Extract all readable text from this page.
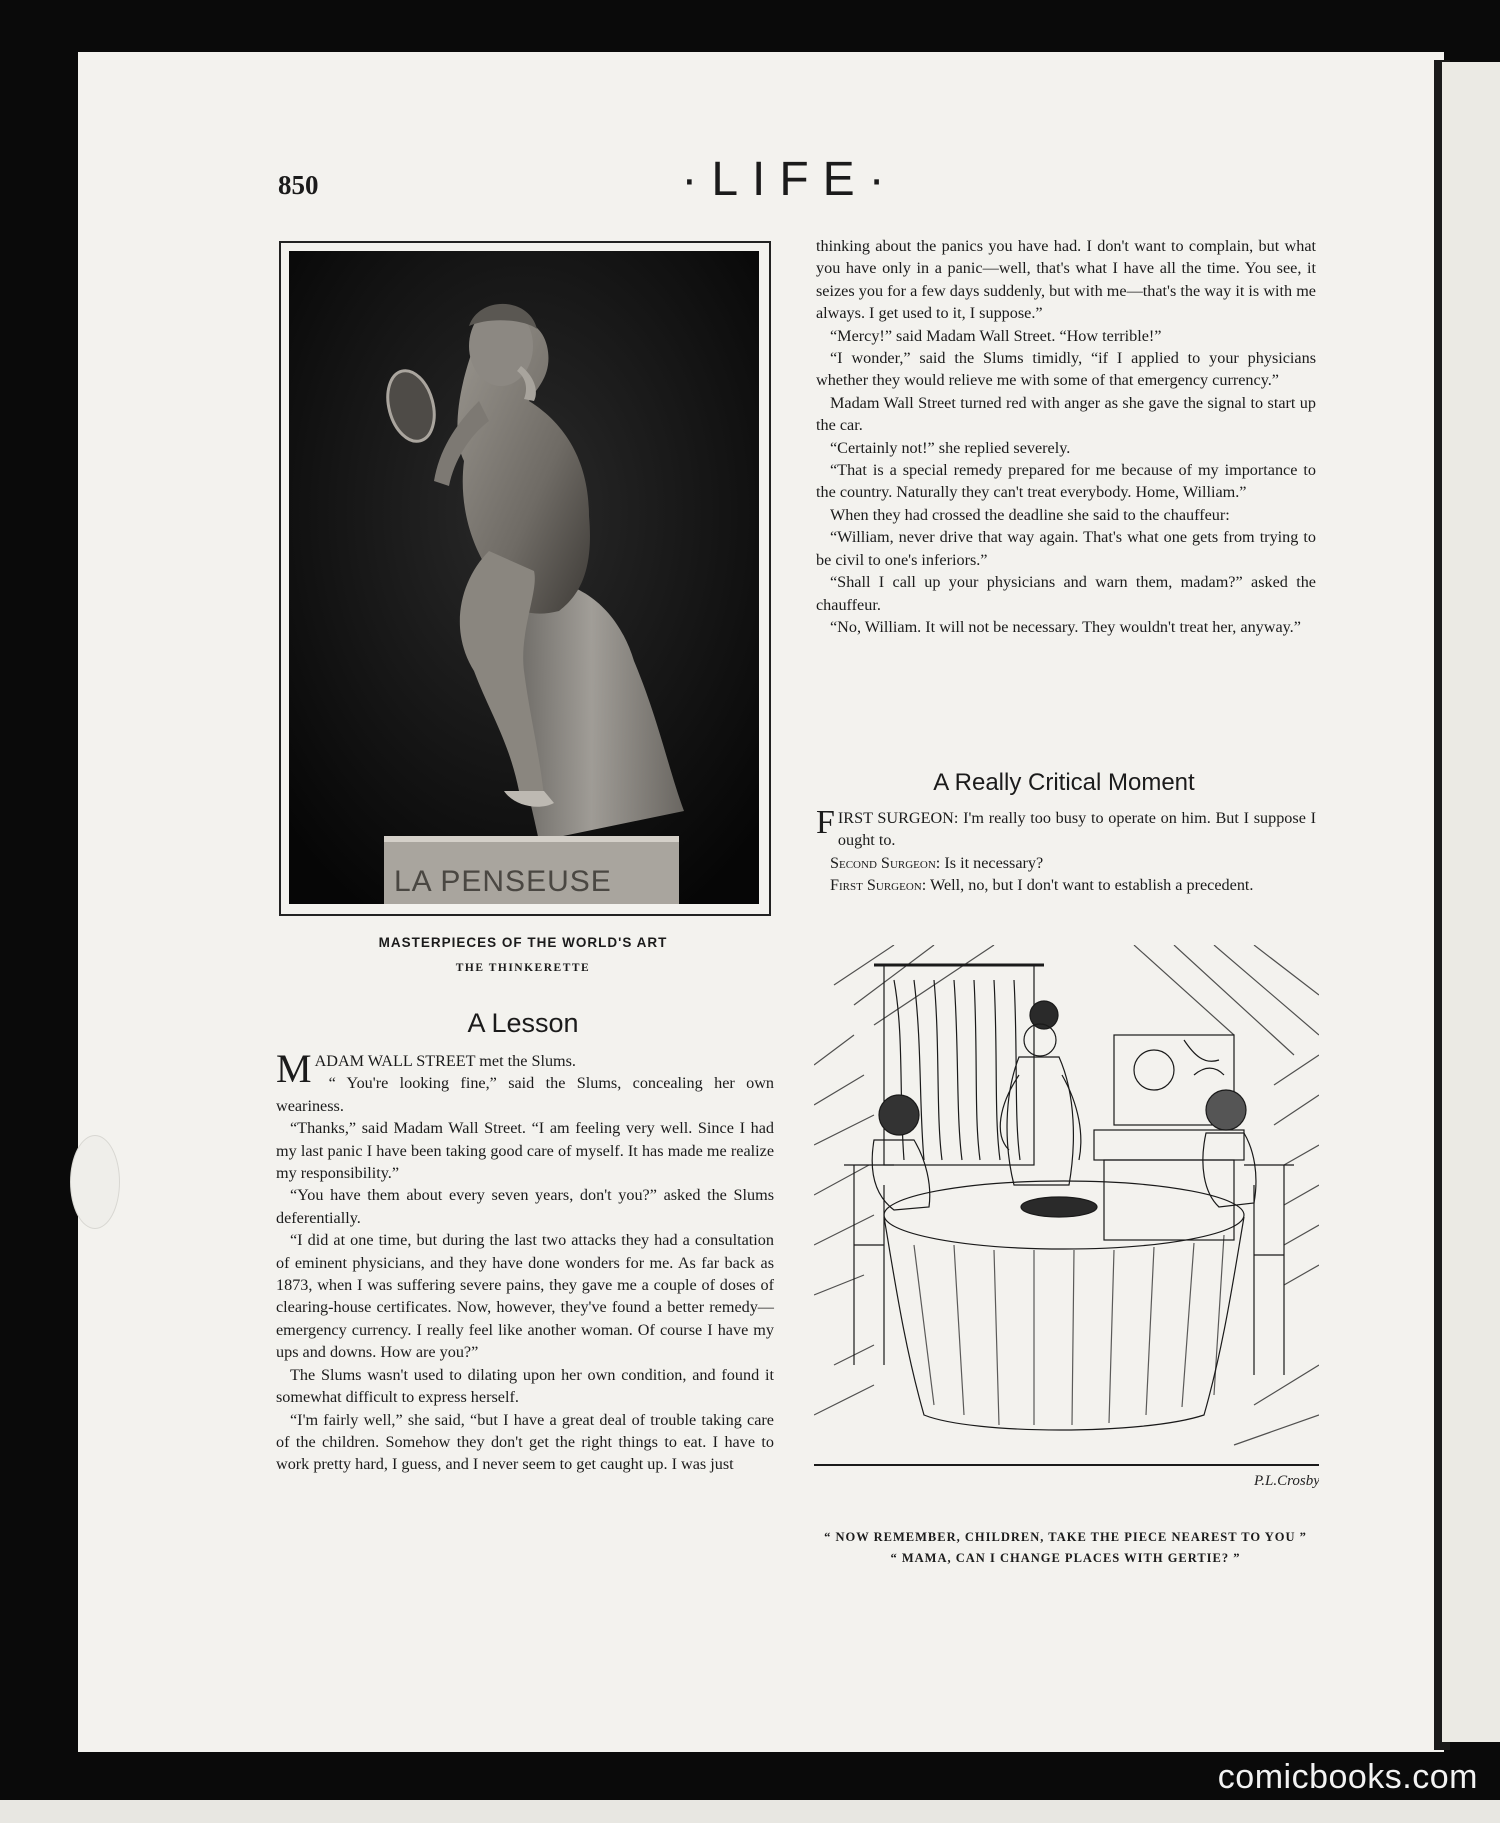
850	·LIFE·
LA PENSEUSE
MASTERPIECES OF THE WORLD'S ART
THE THINKERETTE
A Lesson

MADAM WALL STREET met the Slums.

“ You're looking fine,” said the Slums, concealing her own weariness.

“Thanks,” said Madam Wall Street. “I am feeling very well. Since I had my last panic I have been taking good care of myself. It has made me realize my responsibility.”

“You have them about every seven years, don't you?” asked the Slums deferentially.

“I did at one time, but during the last two attacks they had a consultation of eminent physicians, and they have done wonders for me. As far back as 1873, when I was suffering severe pains, they gave me a couple of doses of clearing-house certificates. Now, however, they've found a better remedy—emergency currency. I really feel like another woman. Of course I have my ups and downs. How are you?”

The Slums wasn't used to dilating upon her own condition, and found it somewhat difficult to express herself.

“I'm fairly well,” she said, “but I have a great deal of trouble taking care of the children. Somehow they don't get the right things to eat. I have to work pretty hard, I guess, and I never seem to get caught up. I was just

thinking about the panics you have had. I don't want to complain, but what you have only in a panic—well, that's what I have all the time. You see, it seizes you for a few days suddenly, but with me—that's the way it is with me always. I get used to it, I suppose.”

“Mercy!” said Madam Wall Street. “How terrible!”

“I wonder,” said the Slums timidly, “if I applied to your physicians whether they would relieve me with some of that emergency currency.”

Madam Wall Street turned red with anger as she gave the signal to start up the car.

“Certainly not!” she replied severely.

“That is a special remedy prepared for me because of my importance to the country. Naturally they can't treat everybody. Home, William.”

When they had crossed the deadline she said to the chauffeur:

“William, never drive that way again. That's what one gets from trying to be civil to one's inferiors.”

“Shall I call up your physicians and warn them, madam?” asked the chauffeur.

“No, William. It will not be necessary. They wouldn't treat her, anyway.”

A Really Critical Moment

FIRST SURGEON: I'm really too busy to operate on him. But I suppose I ought to.

Second Surgeon: Is it necessary?

First Surgeon: Well, no, but I don't want to establish a precedent.

P.L.Crosby
“ NOW REMEMBER, CHILDREN, TAKE THE PIECE NEAREST TO YOU ”
“ MAMA, CAN I CHANGE PLACES WITH GERTIE? ”
comicbooks.com
